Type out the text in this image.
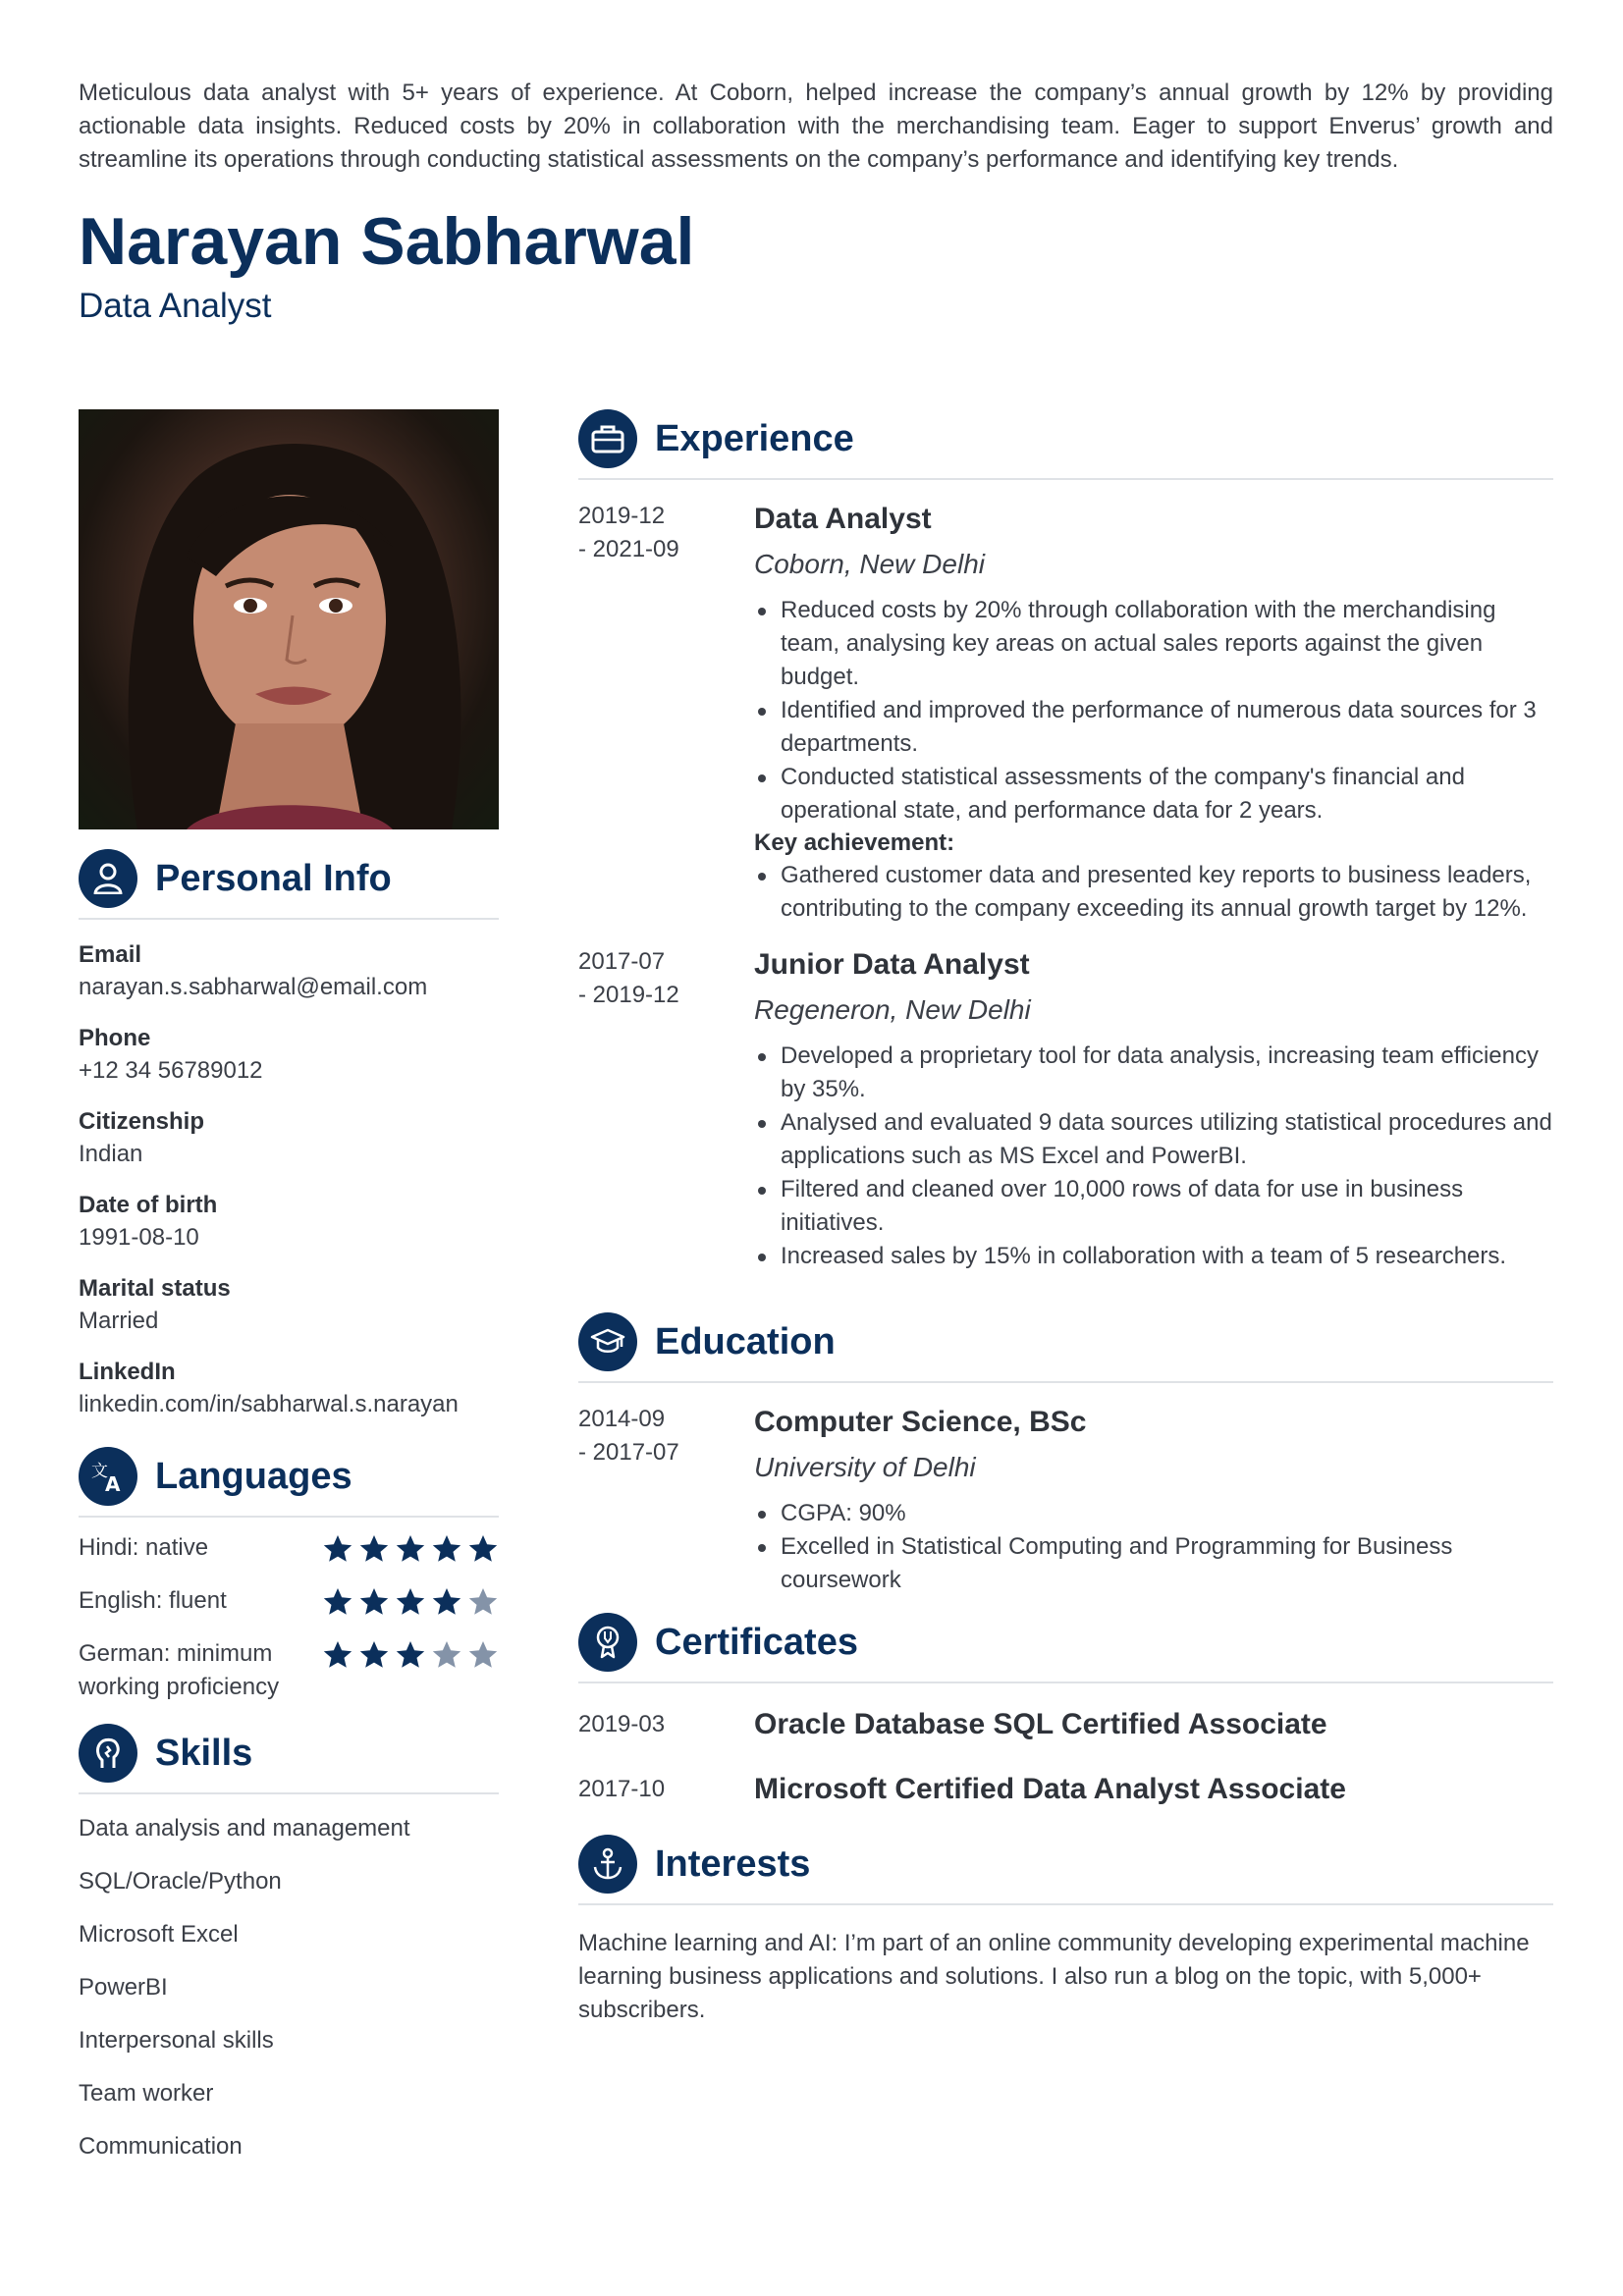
Meticulous data analyst with 5+ years of experience. At Coborn, helped increase the company’s annual growth by 12% by providing actionable data insights. Reduced costs by 20% in collaboration with the merchandising team. Eager to support Enverus’ growth and streamline its operations through conducting statistical assessments on the company’s performance and identifying key trends.
Narayan Sabharwal
Data Analyst
Personal Info
Email
narayan.s.sabharwal@email.com
Phone
+12 34 56789012
Citizenship
Indian
Date of birth
1991-08-10
Marital status
Married
LinkedIn
linkedin.com/in/sabharwal.s.narayan
文
A Languages
Hindi: native
English: fluent
German: minimum working proficiency
Skills
Data analysis and management
SQL/Oracle/Python
Microsoft Excel
PowerBI
Interpersonal skills
Team worker
Communication
Experience
2019-12
- 2021-09
Data Analyst
Coborn, New Delhi
Reduced costs by 20% through collaboration with the merchandising team, analysing key areas on actual sales reports against the given budget.
Identified and improved the performance of numerous data sources for 3 departments.
Conducted statistical assessments of the company's financial and operational state, and performance data for 2 years.
Key achievement:
Gathered customer data and presented key reports to business leaders, contributing to the company exceeding its annual growth target by 12%.
2017-07
- 2019-12
Junior Data Analyst
Regeneron, New Delhi
Developed a proprietary tool for data analysis, increasing team efficiency by 35%.
Analysed and evaluated 9 data sources utilizing statistical procedures and applications such as MS Excel and PowerBI.
Filtered and cleaned over 10,000 rows of data for use in business initiatives.
Increased sales by 15% in collaboration with a team of 5 researchers.
Education
2014-09
- 2017-07
Computer Science, BSc
University of Delhi
CGPA: 90%
Excelled in Statistical Computing and Programming for Business coursework
Certificates
2019-03	Oracle Database SQL Certified Associate
2017-10	Microsoft Certified Data Analyst Associate
Interests
Machine learning and AI: I’m part of an online community developing experimental machine learning business applications and solutions. I also run a blog on the topic, with 5,000+ subscribers.
